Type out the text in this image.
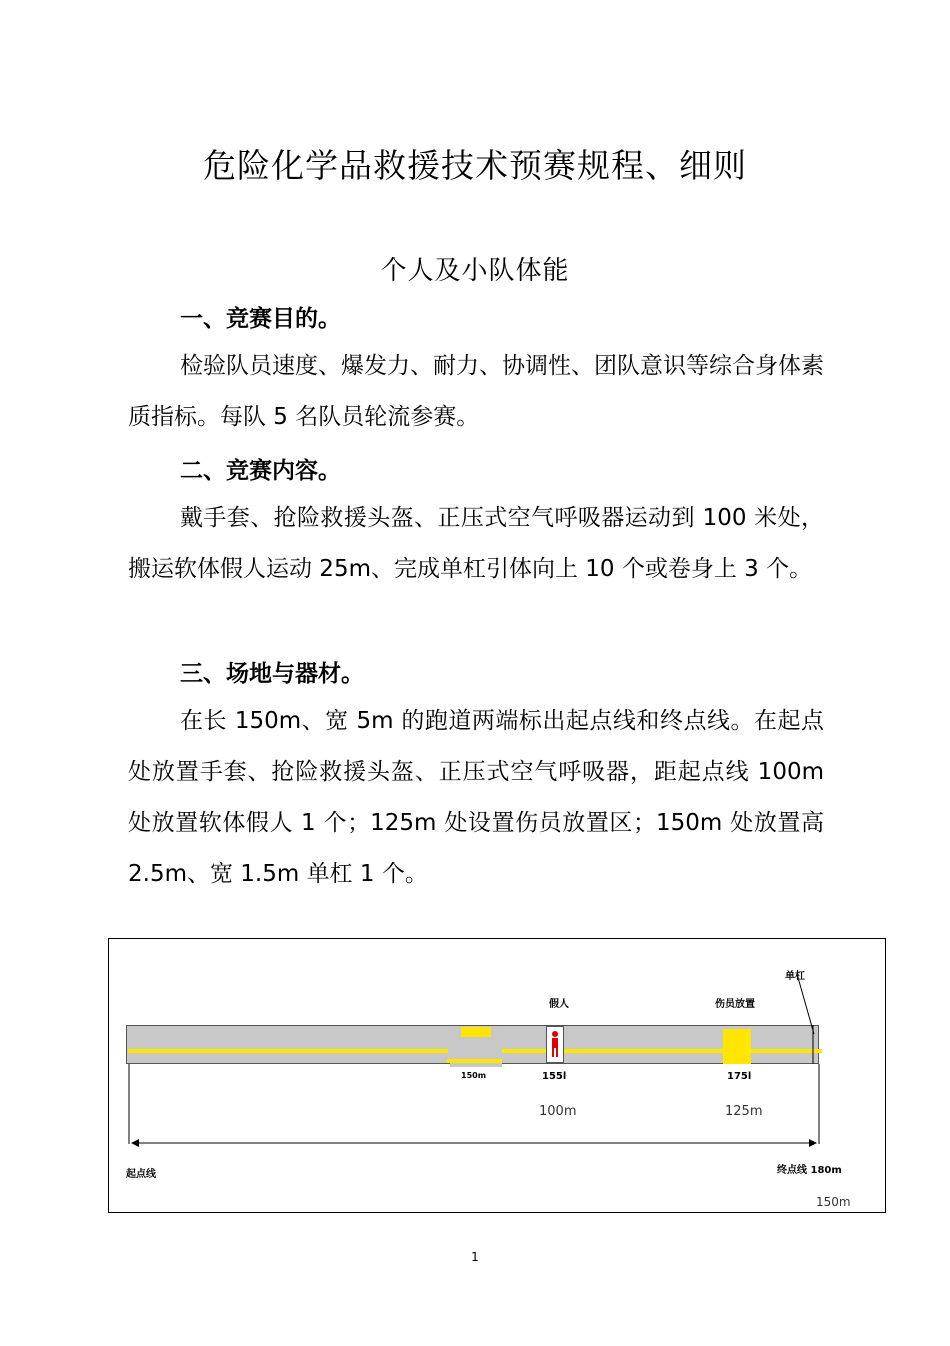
危险化学品救援技术预赛规程、细则
个人及小队体能
一、竞赛目的。
检验队员速度、爆发力、耐力、协调性、团队意识等综合身体素质指标。每队 5 名队员轮流参赛。
二、竞赛内容。
戴手套、抢险救援头盔、正压式空气呼吸器运动到 100 米处，搬运软体假人运动 25m、完成单杠引体向上 10 个或卷身上 3 个。
三、场地与器材。
在长 150m、宽 5m 的跑道两端标出起点线和终点线。在起点处放置手套、抢险救援头盔、正压式空气呼吸器，距起点线 100m 处放置软体假人 1 个；125m 处设置伤员放置区；150m 处放置高 2.5m、宽 1.5m 单杠 1 个。
单杠
假人	伤员放置
150m	155l	175l
100m	125m
起点线	终点线 180m
150m
1
